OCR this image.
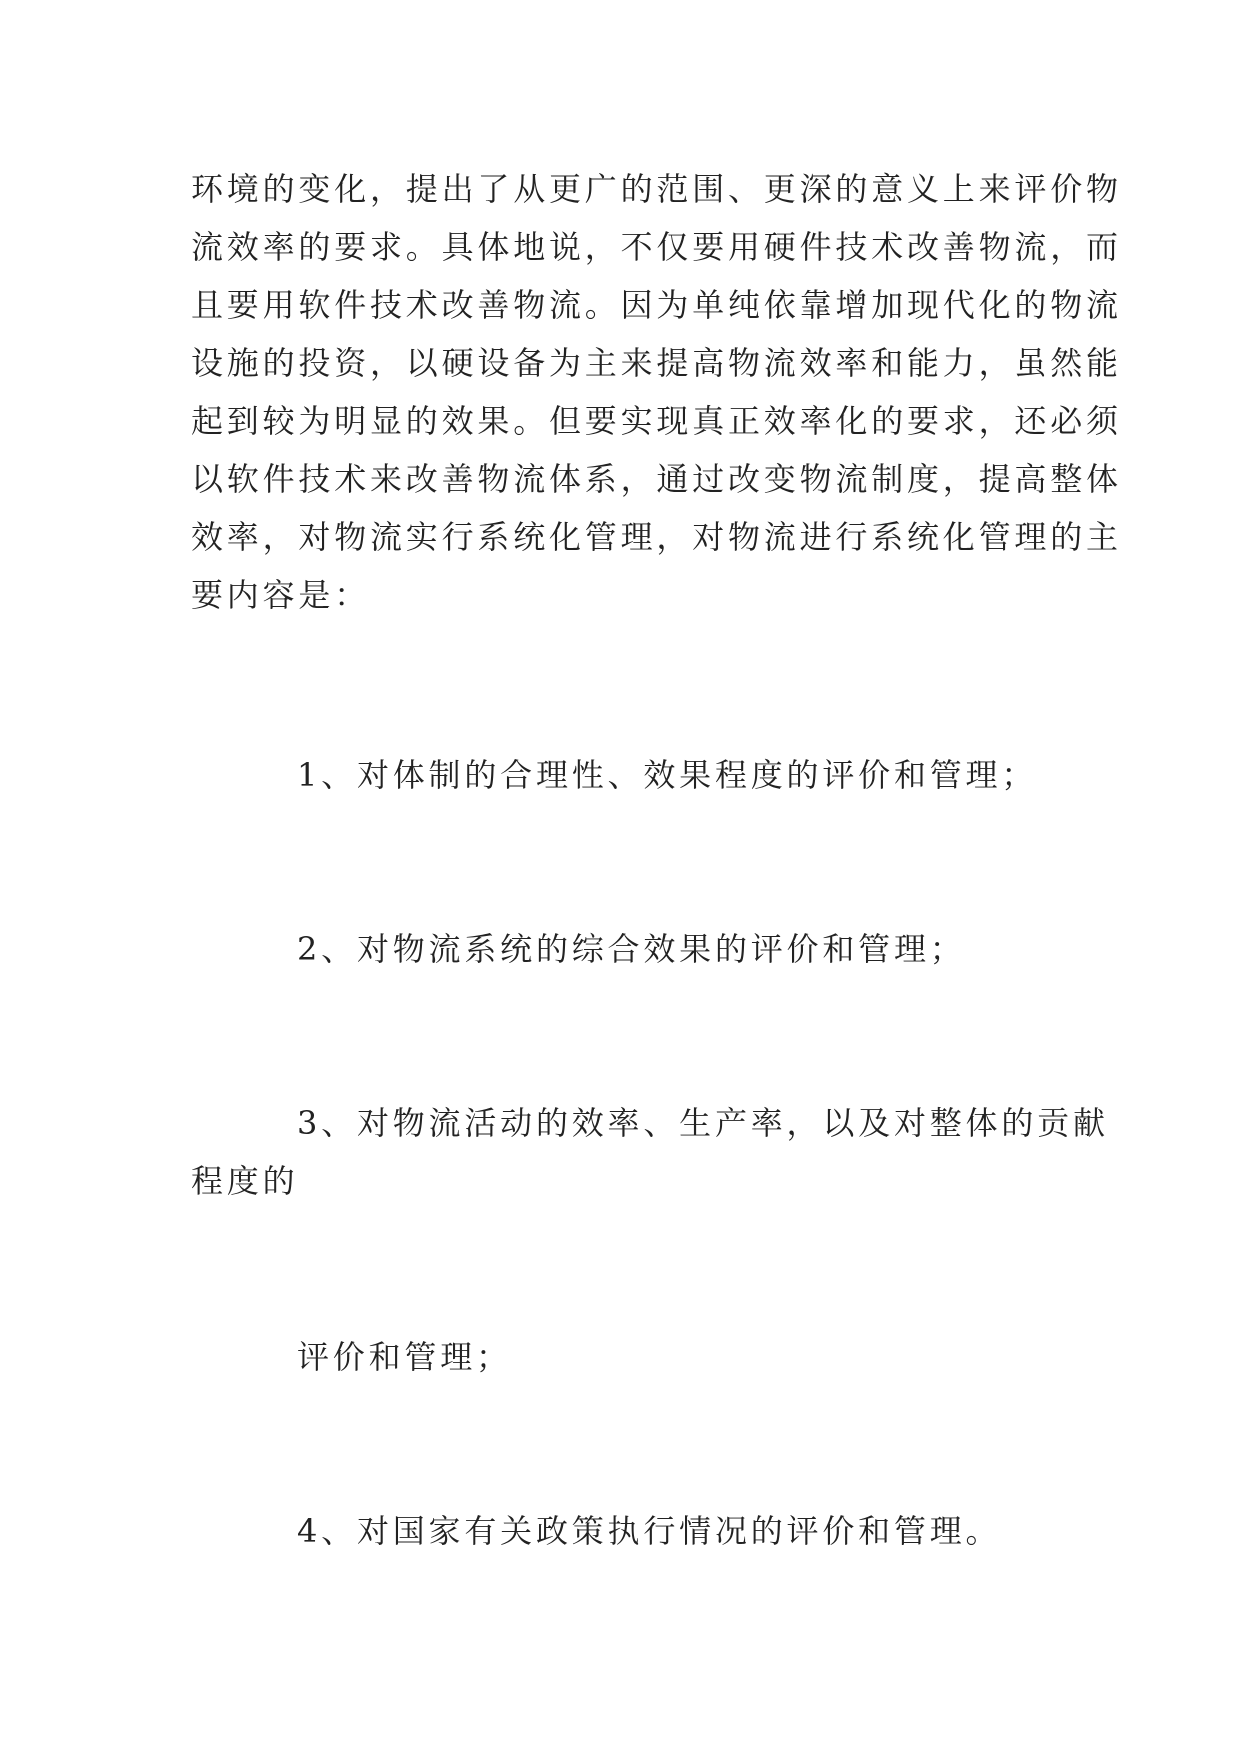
环境的变化，提出了从更广的范围、更深的意义上来评价物
流效率的要求。具体地说，不仅要用硬件技术改善物流，而
且要用软件技术改善物流。因为单纯依靠增加现代化的物流
设施的投资，以硬设备为主来提高物流效率和能力，虽然能
起到较为明显的效果。但要实现真正效率化的要求，还必须
以软件技术来改善物流体系，通过改变物流制度，提高整体
效率，对物流实行系统化管理，对物流进行系统化管理的主
要内容是：
1、对体制的合理性、效果程度的评价和管理；
2、对物流系统的综合效果的评价和管理；
3、对物流活动的效率、生产率，以及对整体的贡献
程度的
评价和管理；
4、对国家有关政策执行情况的评价和管理。
